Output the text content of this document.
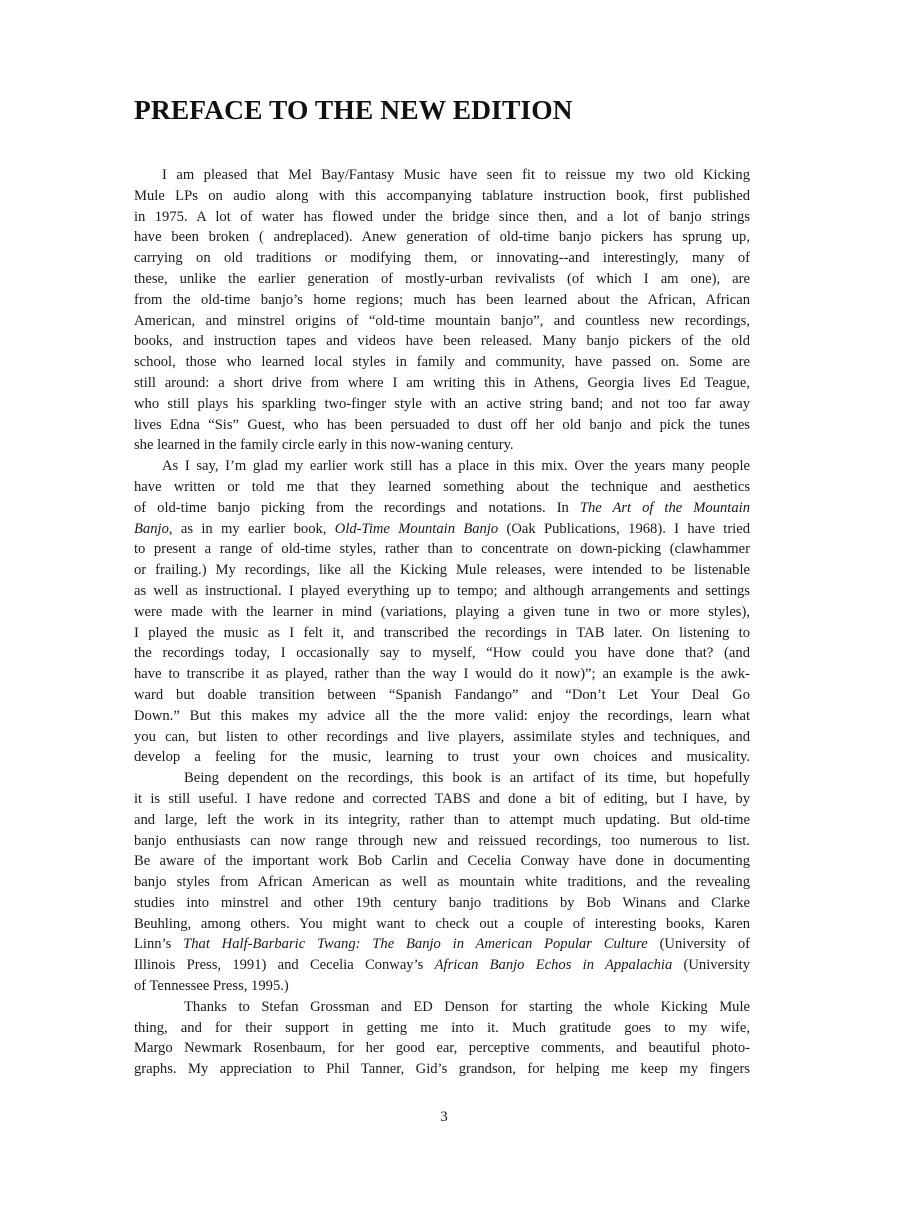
PREFACE TO THE NEW EDITION
I am pleased that Mel Bay/Fantasy Music have seen fit to reissue my two old Kicking
Mule LPs on audio along with this accompanying tablature instruction book, first published
in 1975. A lot of water has flowed under the bridge since then, and a lot of banjo strings
have been broken ( andreplaced). Anew generation of old-time banjo pickers has sprung up,
carrying on old traditions or modifying them, or innovating--and interestingly, many of
these, unlike the earlier generation of mostly-urban revivalists (of which I am one), are
from the old-time banjo’s home regions; much has been learned about the African, African
American, and minstrel origins of “old-time mountain banjo”, and countless new recordings,
books, and instruction tapes and videos have been released. Many banjo pickers of the old
school, those who learned local styles in family and community, have passed on. Some are
still around: a short drive from where I am writing this in Athens, Georgia lives Ed Teague,
who still plays his sparkling two-finger style with an active string band; and not too far away
lives Edna “Sis” Guest, who has been persuaded to dust off her old banjo and pick the tunes
she learned in the family circle early in this now-waning century.
As I say, I’m glad my earlier work still has a place in this mix. Over the years many people
have written or told me that they learned something about the technique and aesthetics
of old-time banjo picking from the recordings and notations. In The Art of the Mountain
Banjo, as in my earlier book, Old-Time Mountain Banjo (Oak Publications, 1968). I have tried
to present a range of old-time styles, rather than to concentrate on down-picking (clawhammer
or frailing.) My recordings, like all the Kicking Mule releases, were intended to be listenable
as well as instructional. I played everything up to tempo; and although arrangements and settings
were made with the learner in mind (variations, playing a given tune in two or more styles),
I played the music as I felt it, and transcribed the recordings in TAB later. On listening to
the recordings today, I occasionally say to myself, “How could you have done that? (and
have to transcribe it as played, rather than the way I would do it now)”; an example is the awk-
ward but doable transition between “Spanish Fandango” and “Don’t Let Your Deal Go
Down.” But this makes my advice all the the more valid: enjoy the recordings, learn what
you can, but listen to other recordings and live players, assimilate styles and techniques, and
develop a feeling for the music, learning to trust your own choices and musicality.
Being dependent on the recordings, this book is an artifact of its time, but hopefully
it is still useful. I have redone and corrected TABS and done a bit of editing, but I have, by
and large, left the work in its integrity, rather than to attempt much updating. But old-time
banjo enthusiasts can now range through new and reissued recordings, too numerous to list.
Be aware of the important work Bob Carlin and Cecelia Conway have done in documenting
banjo styles from African American as well as mountain white traditions, and the revealing
studies into minstrel and other 19th century banjo traditions by Bob Winans and Clarke
Beuhling, among others. You might want to check out a couple of interesting books, Karen
Linn’s That Half-Barbaric Twang: The Banjo in American Popular Culture (University of
Illinois Press, 1991) and Cecelia Conway’s African Banjo Echos in Appalachia (University
of Tennessee Press, 1995.)
Thanks to Stefan Grossman and ED Denson for starting the whole Kicking Mule
thing, and for their support in getting me into it. Much gratitude goes to my wife,
Margo Newmark Rosenbaum, for her good ear, perceptive comments, and beautiful photo-
graphs. My appreciation to Phil Tanner, Gid’s grandson, for helping me keep my fingers
3
